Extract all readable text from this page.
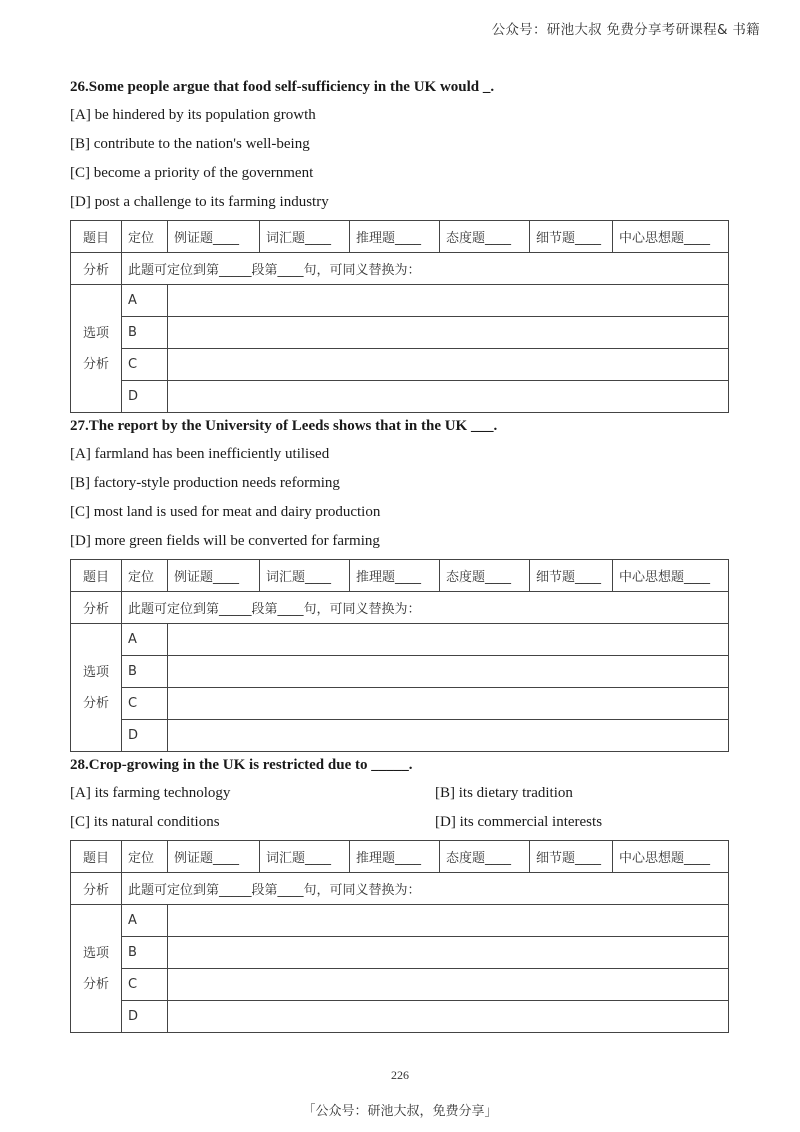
公众号：研池大叔 免费分享考研课程& 书籍
26.Some people argue that food self-sufficiency in the UK would _.
[A] be hindered by its population growth
[B] contribute to the nation's well-being
[C] become a priority of the government
[D] post a challenge to its farming industry
题目	定位	例证题____	词汇题____	推理题____	态度题____	细节题____	中心思想题____
分析	此题可定位到第_____段第____句，可同义替换为：						

选项
分析	A						
	B						
	C						
	D						
27.The report by the University of Leeds shows that in the UK ___.
[A] farmland has been inefficiently utilised
[B] factory-style production needs reforming
[C] most land is used for meat and dairy production
[D] more green fields will be converted for farming
题目	定位	例证题____	词汇题____	推理题____	态度题____	细节题____	中心思想题____
分析	此题可定位到第_____段第____句，可同义替换为：						

选项
分析	A						
	B						
	C						
	D						
28.Crop-growing in the UK is restricted due to _____.
[A] its farming technology	[B] its dietary tradition
[C] its natural conditions	[D] its commercial interests
题目	定位	例证题____	词汇题____	推理题____	态度题____	细节题____	中心思想题____
分析	此题可定位到第_____段第____句，可同义替换为：						

选项
分析	A						
	B						
	C						
	D						
226
「公众号：研池大叔，免费分享」
